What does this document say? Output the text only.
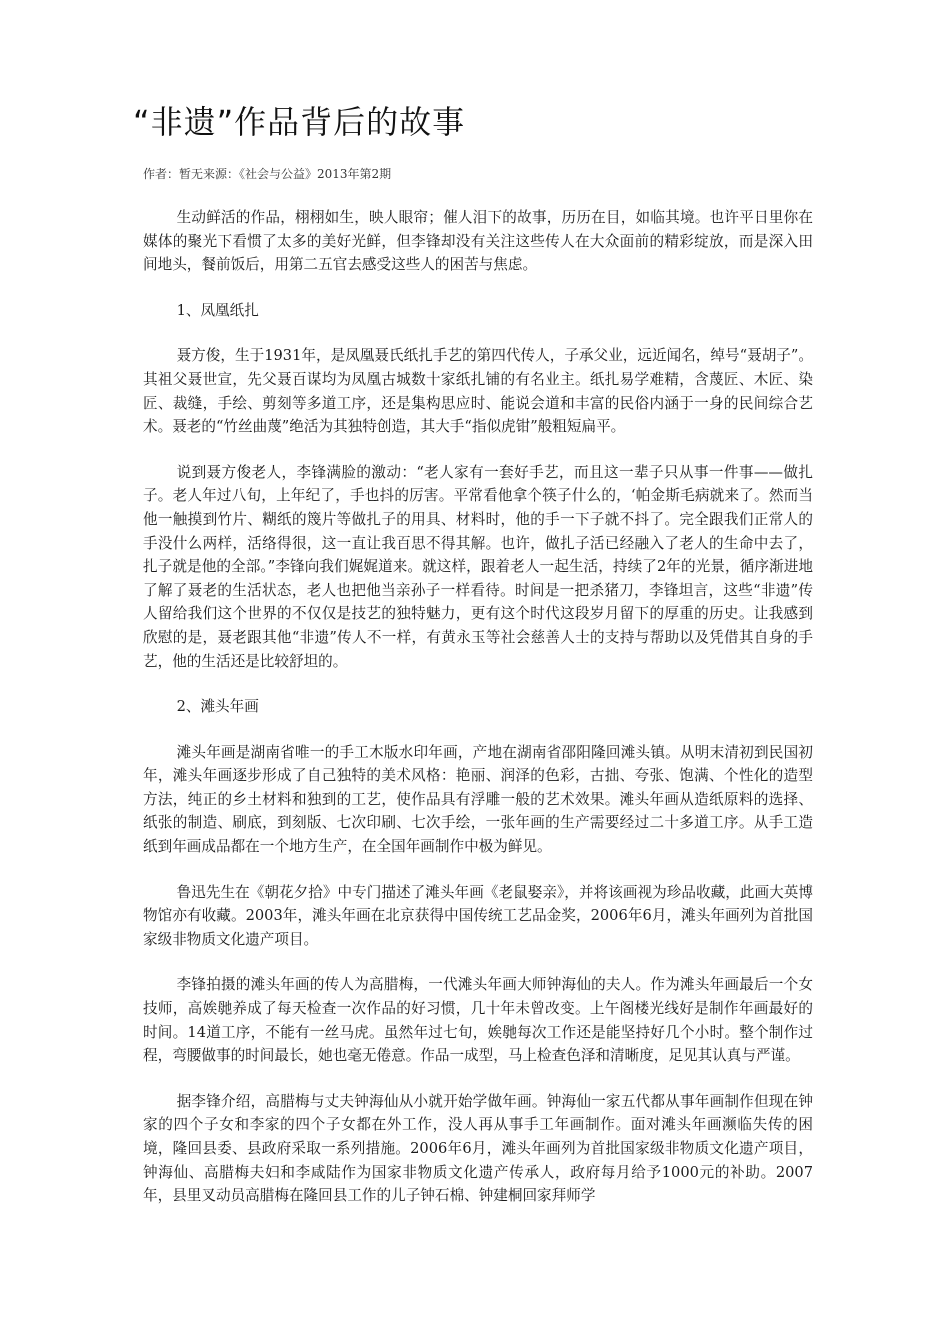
“非遗”作品背后的故事
作者：暂无来源：《社会与公益》2013年第2期

生动鲜活的作品，栩栩如生，映人眼帘；催人泪下的故事，历历在目，如临其境。也许平日里你在媒体的聚光下看惯了太多的美好光鲜，但李锋却没有关注这些传人在大众面前的精彩绽放，而是深入田间地头，餐前饭后，用第二五官去感受这些人的困苦与焦虑。

1、凤凰纸扎

聂方俊，生于1931年，是凤凰聂氏纸扎手艺的第四代传人，子承父业，远近闻名，绰号“聂胡子”。其祖父聂世宣，先父聂百谋均为凤凰古城数十家纸扎铺的有名业主。纸扎易学难精，含蔑匠、木匠、染匠、裁缝，手绘、剪刻等多道工序，还是集构思应时、能说会道和丰富的民俗内涵于一身的民间综合艺术。聂老的“竹丝曲蔑”绝活为其独特创造，其大手“指似虎钳”般粗短扁平。

说到聂方俊老人，李锋满脸的激动：“老人家有一套好手艺，而且这一辈子只从事一件事——做扎子。老人年过八旬，上年纪了，手也抖的厉害。平常看他拿个筷子什么的，‘帕金斯毛病就来了。然而当他一触摸到竹片、糊纸的篾片等做扎子的用具、材料时，他的手一下子就不抖了。完全跟我们正常人的手没什么两样，活络得很，这一直让我百思不得其解。也许，做扎子活已经融入了老人的生命中去了，扎子就是他的全部。”李锋向我们娓娓道来。就这样，跟着老人一起生活，持续了2年的光景，循序渐进地了解了聂老的生活状态，老人也把他当亲孙子一样看待。时间是一把杀猪刀，李锋坦言，这些“非遗”传人留给我们这个世界的不仅仅是技艺的独特魅力，更有这个时代这段岁月留下的厚重的历史。让我感到欣慰的是，聂老跟其他“非遗”传人不一样，有黄永玉等社会慈善人士的支持与帮助以及凭借其自身的手艺，他的生活还是比较舒坦的。

2、滩头年画

滩头年画是湖南省唯一的手工木版水印年画，产地在湖南省邵阳隆回滩头镇。从明末清初到民国初年，滩头年画逐步形成了自己独特的美术风格：艳丽、润泽的色彩，古拙、夸张、饱满、个性化的造型方法，纯正的乡土材料和独到的工艺，使作品具有浮雕一般的艺术效果。滩头年画从造纸原料的选择、纸张的制造、刷底，到刻版、七次印刷、七次手绘，一张年画的生产需要经过二十多道工序。从手工造纸到年画成品都在一个地方生产，在全国年画制作中极为鲜见。

鲁迅先生在《朝花夕拾》中专门描述了滩头年画《老鼠娶亲》，并将该画视为珍品收藏，此画大英博物馆亦有收藏。2003年，滩头年画在北京获得中国传统工艺品金奖，2006年6月，滩头年画列为首批国家级非物质文化遗产项目。

李锋拍摄的滩头年画的传人为高腊梅，一代滩头年画大师钟海仙的夫人。作为滩头年画最后一个女技师，高娭毑养成了每天检查一次作品的好习惯，几十年未曾改变。上午阁楼光线好是制作年画最好的时间。14道工序，不能有一丝马虎。虽然年过七旬，娭毑每次工作还是能坚持好几个小时。整个制作过程，弯腰做事的时间最长，她也毫无倦意。作品一成型，马上检查色泽和清晰度，足见其认真与严谨。

据李锋介绍，高腊梅与丈夫钟海仙从小就开始学做年画。钟海仙一家五代都从事年画制作但现在钟家的四个子女和李家的四个子女都在外工作，没人再从事手工年画制作。面对滩头年画濒临失传的困境，隆回县委、县政府采取一系列措施。2006年6月，滩头年画列为首批国家级非物质文化遗产项目，钟海仙、高腊梅夫妇和李咸陆作为国家非物质文化遗产传承人，政府每月给予1000元的补助。2007年，县里叉动员高腊梅在隆回县工作的儿子钟石棉、钟建桐回家拜师学
